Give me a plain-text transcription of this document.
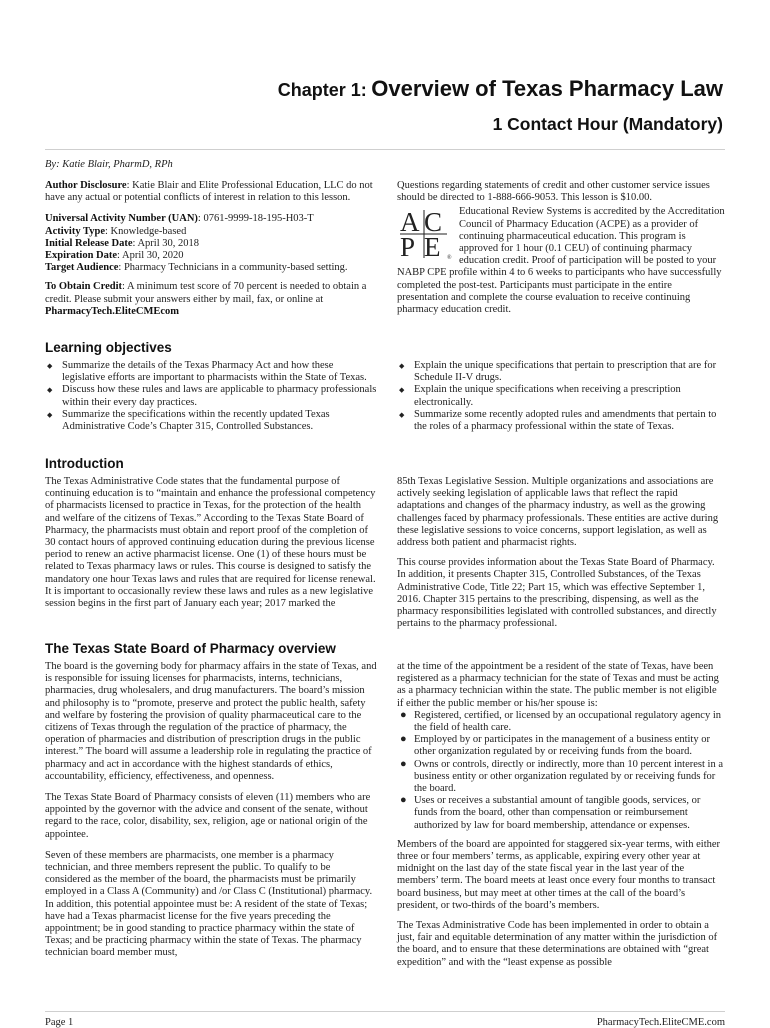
Chapter 1: Overview of Texas Pharmacy Law
1 Contact Hour (Mandatory)
By: Katie Blair, PharmD, RPh

Author Disclosure: Katie Blair and Elite Professional Education, LLC do not have any actual or potential conflicts of interest in relation to this lesson.

Universal Activity Number (UAN): 0761-9999-18-195-H03-T
Activity Type: Knowledge-based
Initial Release Date: April 30, 2018
Expiration Date: April 30, 2020
Target Audience: Pharmacy Technicians in a community-based setting.

To Obtain Credit: A minimum test score of 70 percent is needed to obtain a credit. Please submit your answers either by mail, fax, or online at PharmacyTech.EliteCMEcom

Questions regarding statements of credit and other customer service issues should be directed to 1-888-666-9053. This lesson is $10.00.

A C
P E ®
Educational Review Systems is accredited by the Accreditation Council of Pharmacy Education (ACPE) as a provider of continuing pharmaceutical education. This program is approved for 1 hour (0.1 CEU) of continuing pharmacy education credit. Proof of participation will be posted to your NABP CPE profile within 4 to 6 weeks to participants who have successfully completed the post-test. Participants must participate in the entire presentation and complete the course evaluation to receive continuing pharmacy education credit.
Learning objectives
◆ Summarize the details of the Texas Pharmacy Act and how these legislative efforts are important to pharmacists within the State of Texas.
◆ Discuss how these rules and laws are applicable to pharmacy professionals within their every day practices.
◆ Summarize the specifications within the recently updated Texas Administrative Code’s Chapter 315, Controlled Substances.
◆ Explain the unique specifications that pertain to prescription that are for Schedule II-V drugs.
◆ Explain the unique specifications when receiving a prescription electronically.
◆ Summarize some recently adopted rules and amendments that pertain to the roles of a pharmacy professional within the state of Texas.
Introduction

The Texas Administrative Code states that the fundamental purpose of continuing education is to “maintain and enhance the professional competency of pharmacists licensed to practice in Texas, for the protection of the health and welfare of the citizens of Texas.” According to the Texas State Board of Pharmacy, the pharmacists must obtain and report proof of the completion of 30 contact hours of approved continuing education during the previous license period to renew an active pharmacist license. One (1) of these hours must be related to Texas pharmacy laws or rules. This course is designed to satisfy the mandatory one hour Texas laws and rules that are required for license renewal. It is important to occasionally review these laws and rules as a new legislative session begins in the first part of January each year; 2017 marked the

85th Texas Legislative Session. Multiple organizations and associations are actively seeking legislation of applicable laws that reflect the rapid adaptations and changes of the pharmacy industry, as well as the growing challenges faced by pharmacy professionals. These entities are active during these legislative sessions to voice concerns, support legislation, as well as address both patient and pharmacist rights.

This course provides information about the Texas State Board of Pharmacy. In addition, it presents Chapter 315, Controlled Substances, of the Texas Administrative Code, Title 22; Part 15, which was effective September 1, 2016. Chapter 315 pertains to the prescribing, dispensing, as well as the pharmacy responsibilities legislated with controlled substances, and directly pertains to the pharmacy professional.

The Texas State Board of Pharmacy overview

The board is the governing body for pharmacy affairs in the state of Texas, and is responsible for issuing licenses for pharmacists, interns, technicians, pharmacies, drug wholesalers, and drug manufacturers. The board’s mission and philosophy is to “promote, preserve and protect the public health, safety and welfare by fostering the provision of quality pharmaceutical care to the citizens of Texas through the regulation of the practice of pharmacy, the operation of pharmacies and distribution of prescription drugs in the public interest.” The board will assume a leadership role in regulating the practice of pharmacy and act in accordance with the highest standards of ethics, accountability, efficiency, effectiveness, and openness.

The Texas State Board of Pharmacy consists of eleven (11) members who are appointed by the governor with the advice and consent of the senate, without regard to the race, color, disability, sex, religion, age or national origin of the appointee.

Seven of these members are pharmacists, one member is a pharmacy technician, and three members represent the public. To qualify to be considered as the member of the board, the pharmacists must be primarily employed in a Class A (Community) and /or Class C (Institutional) pharmacy. In addition, this potential appointee must be: A resident of the state of Texas; have had a Texas pharmacist license for the five years preceding the appointment; be in good standing to practice pharmacy within the state of Texas; and be practicing pharmacy within the state of Texas. The pharmacy technician board member must,

at the time of the appointment be a resident of the state of Texas, have been registered as a pharmacy technician for the state of Texas and must be acting as a pharmacy technician within the state. The public member is not eligible if either the public member or his/her spouse is:

● Registered, certified, or licensed by an occupational regulatory agency in the field of health care.
● Employed by or participates in the management of a business entity or other organization regulated by or receiving funds from the board.
● Owns or controls, directly or indirectly, more than 10 percent interest in a business entity or other organization regulated by or receiving funds for the board.
● Uses or receives a substantial amount of tangible goods, services, or funds from the board, other than compensation or reimbursement authorized by law for board membership, attendance or expenses.

Members of the board are appointed for staggered six-year terms, with either three or four members’ terms, as applicable, expiring every other year at midnight on the last day of the state fiscal year in the last year of the members’ term. The board meets at least once every four months to transact board business, but may meet at other times at the call of the board’s president, or two-thirds of the board’s members.

The Texas Administrative Code has been implemented in order to obtain a just, fair and equitable determination of any matter within the jurisdiction of the board, and to ensure that these determinations are obtained with “great expedition” and with the “least expense as possible

Page 1	PharmacyTech.EliteCME.com
